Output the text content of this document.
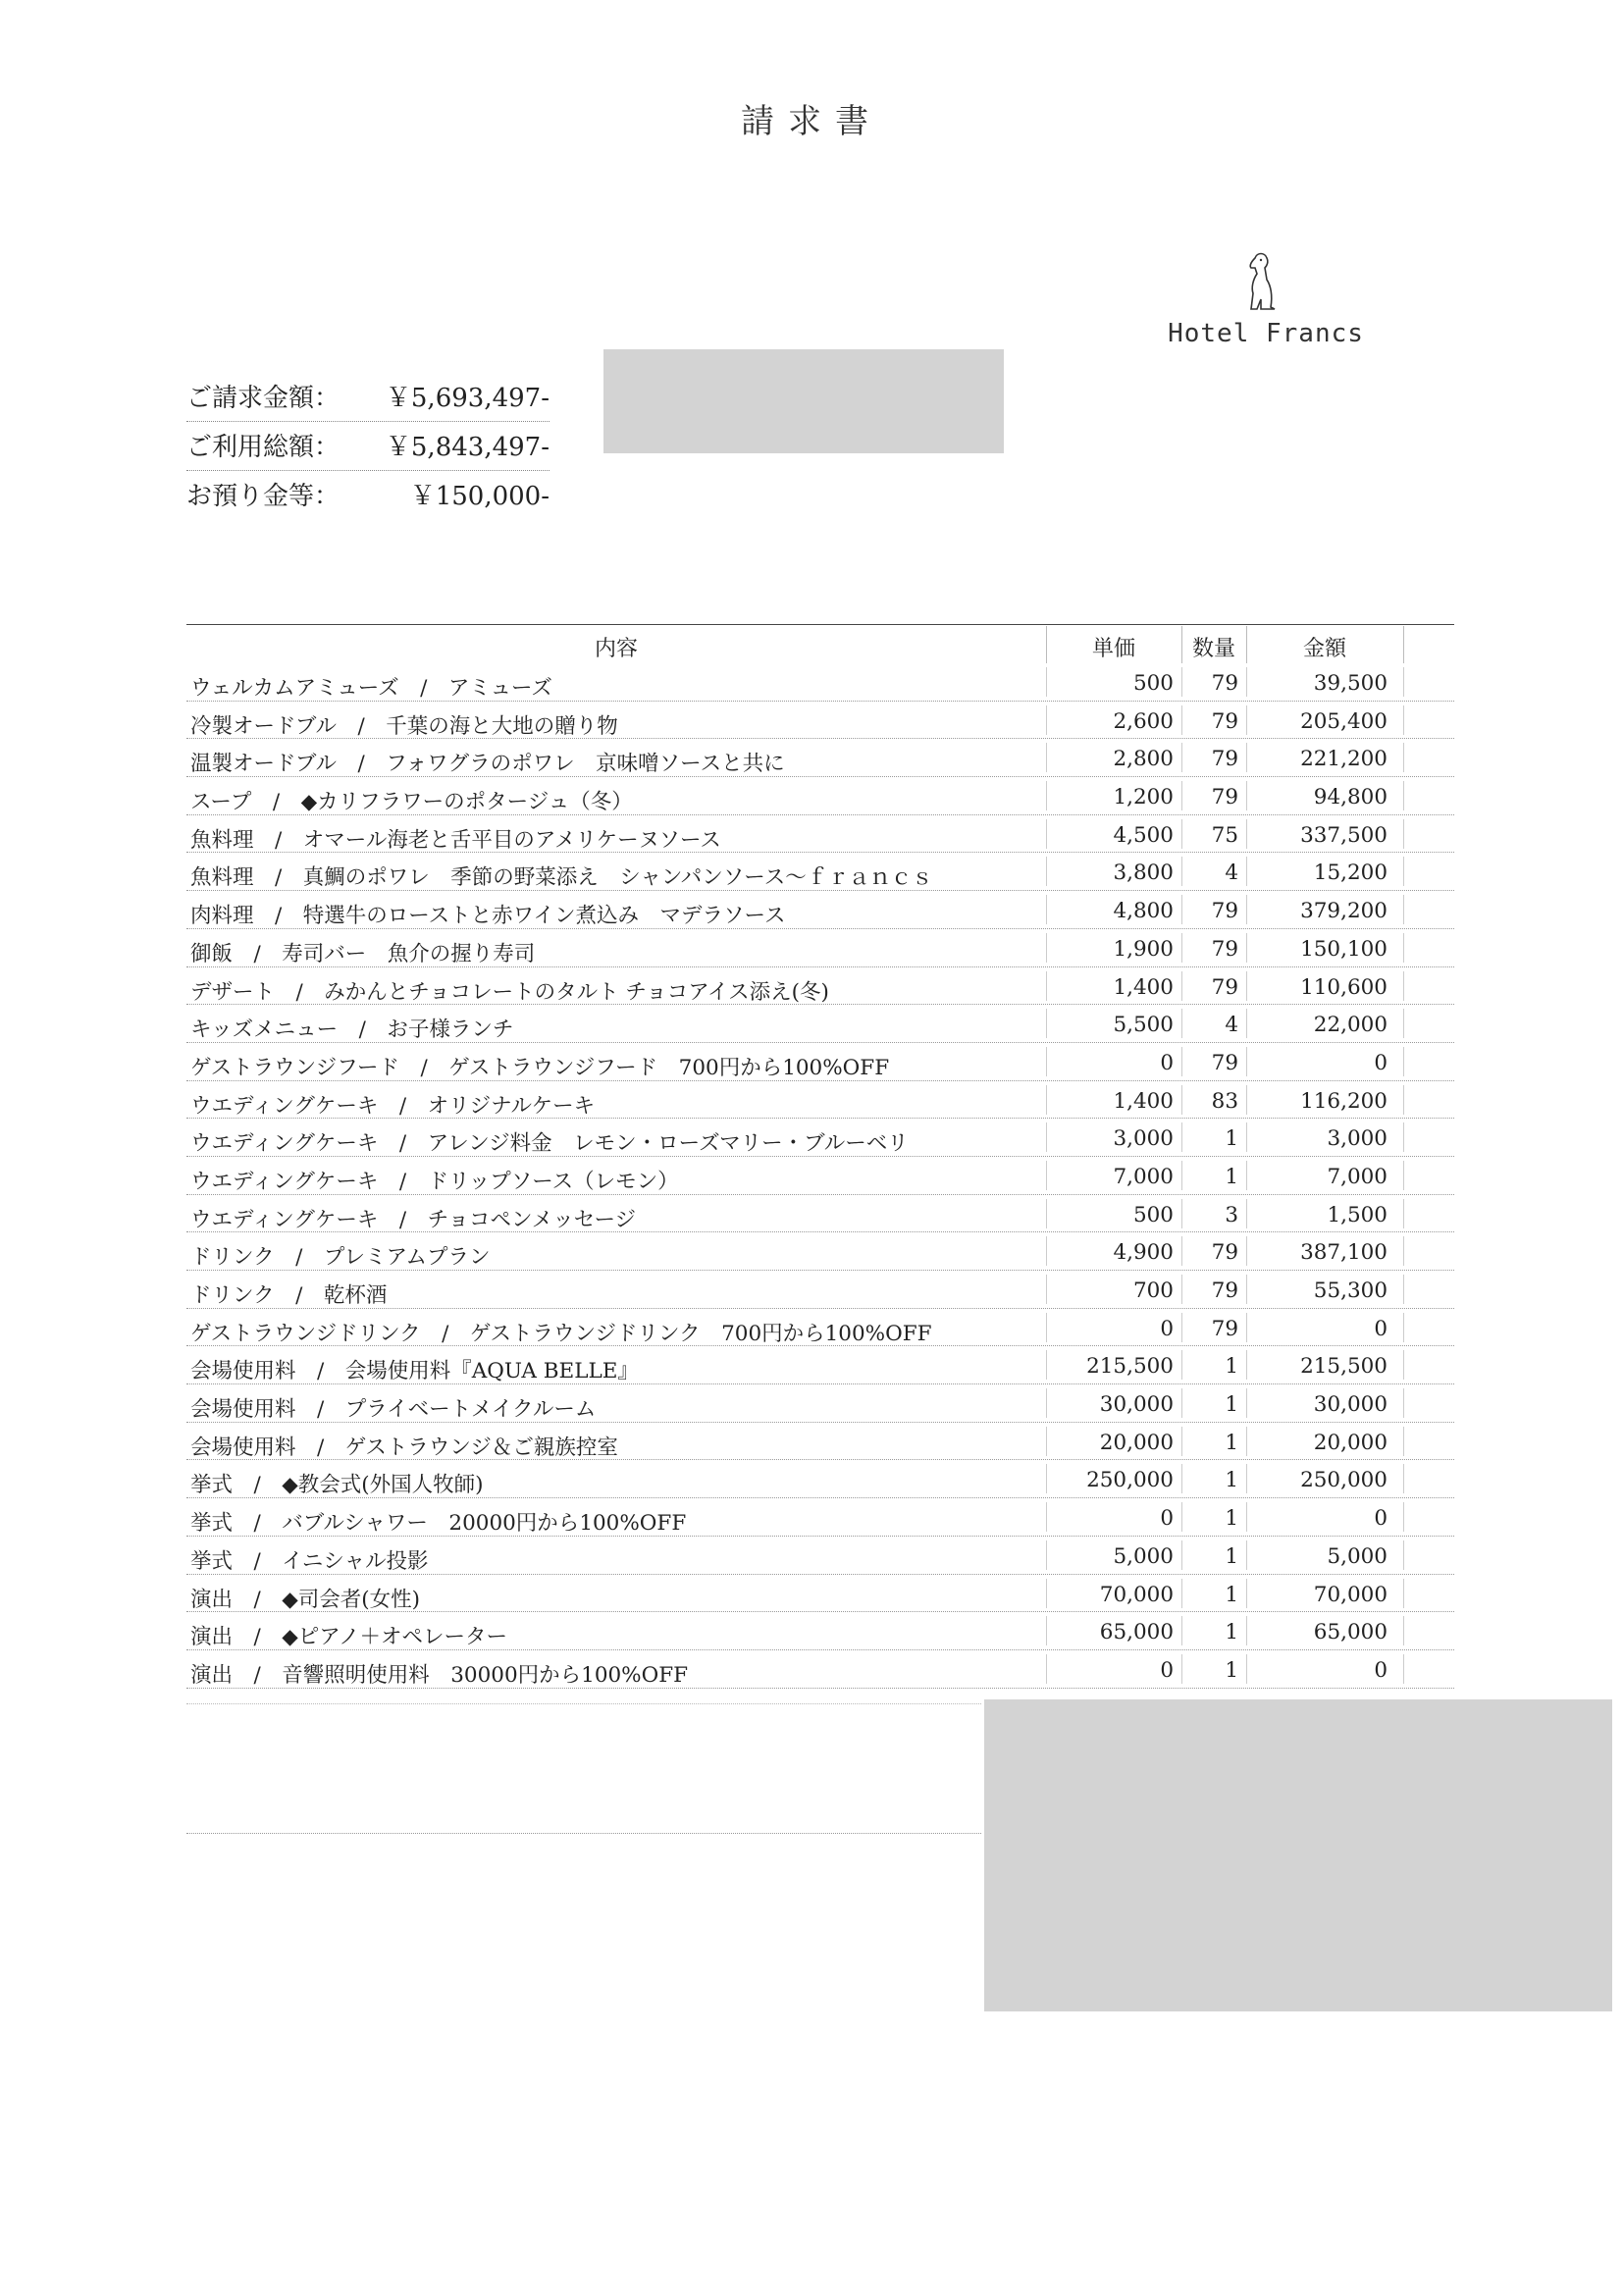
請求書
Hotel Francs
ご請求金額： ￥5,693,497-
ご利用総額： ￥5,843,497-
お預り金等：	￥150,000-
内容	単価	数量	金額
ウェルカムアミューズ　/　アミューズ	500	79	39,500
冷製オードブル　/　千葉の海と大地の贈り物	2,600	79	205,400
温製オードブル　/　フォワグラのポワレ　京味噌ソースと共に	2,800	79	221,200
スープ　/　◆カリフラワーのポタージュ（冬）	1,200	79	94,800
魚料理　/　オマール海老と舌平目のアメリケーヌソース	4,500	75	337,500
魚料理　/　真鯛のポワレ　季節の野菜添え　シャンパンソース～ｆｒａｎｃｓ	3,800	4	15,200
肉料理　/　特選牛のローストと赤ワイン煮込み　マデラソース	4,800	79	379,200
御飯　/　寿司バー　魚介の握り寿司	1,900	79	150,100
デザート　/　みかんとチョコレートのタルト チョコアイス添え(冬)	1,400	79	110,600
キッズメニュー　/　お子様ランチ	5,500	4	22,000
ゲストラウンジフード　/　ゲストラウンジフード　700円から100%OFF	0	79	0
ウエディングケーキ　/　オリジナルケーキ	1,400	83	116,200
ウエディングケーキ　/　アレンジ料金　レモン・ローズマリー・ブルーベリ	3,000	1	3,000
ウエディングケーキ　/　ドリップソース（レモン）	7,000	1	7,000
ウエディングケーキ　/　チョコペンメッセージ	500	3	1,500
ドリンク　/　プレミアムプラン	4,900	79	387,100
ドリンク　/　乾杯酒	700	79	55,300
ゲストラウンジドリンク　/　ゲストラウンジドリンク　700円から100%OFF	0	79	0
会場使用料　/　会場使用料『AQUA BELLE』	215,500	1	215,500
会場使用料　/　プライベートメイクルーム	30,000	1	30,000
会場使用料　/　ゲストラウンジ＆ご親族控室	20,000	1	20,000
挙式　/　◆教会式(外国人牧師)	250,000	1	250,000
挙式　/　バブルシャワー　20000円から100%OFF	0	1	0
挙式　/　イニシャル投影	5,000	1	5,000
演出　/　◆司会者(女性)	70,000	1	70,000
演出　/　◆ピアノ＋オペレーター	65,000	1	65,000
演出　/　音響照明使用料　30000円から100%OFF	0	1	0
